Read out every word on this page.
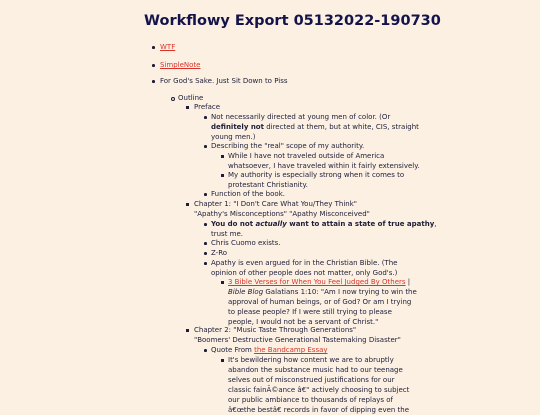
Workflowy Export 05132022-190730
WTF
SimpleNote
For God's Sake. Just Sit Down to Piss
Outline
Preface
Not necessarily directed at young men of color. (Or
definitely not directed at them, but at white, CIS, straight
young men.)
Describing the "real" scope of my authority.
While I have not traveled outside of America
whatsoever, I have traveled within it fairly extensively.
My authority is especially strong when it comes to
protestant Christianity.
Function of the book.
Chapter 1: "I Don't Care What You/They Think"
"Apathy's Misconceptions" "Apathy Misconceived"
You do not actually want to attain a state of true apathy,
trust me.
Chris Cuomo exists.
Z-Ro
Apathy is even argued for in the Christian Bible. (The
opinion of other people does not matter, only God's.)
3 Bible Verses for When You Feel Judged By Others |
Bible Blog Galatians 1:10: "Am I now trying to win the
approval of human beings, or of God? Or am I trying
to please people? If I were still trying to please
people, I would not be a servant of Christ."
Chapter 2: "Music Taste Through Generations"
"Boomers' Destructive Generational Tastemaking Disaster"
Quote From the Bandcamp Essay
It's bewildering how content we are to abruptly
abandon the substance music had to our teenage
selves out of misconstrued justifications for our
classic fainÃ©ance â€" actively choosing to subject
our public ambiance to thousands of replays of
â€œthe bestâ€ records in favor of dipping even the
